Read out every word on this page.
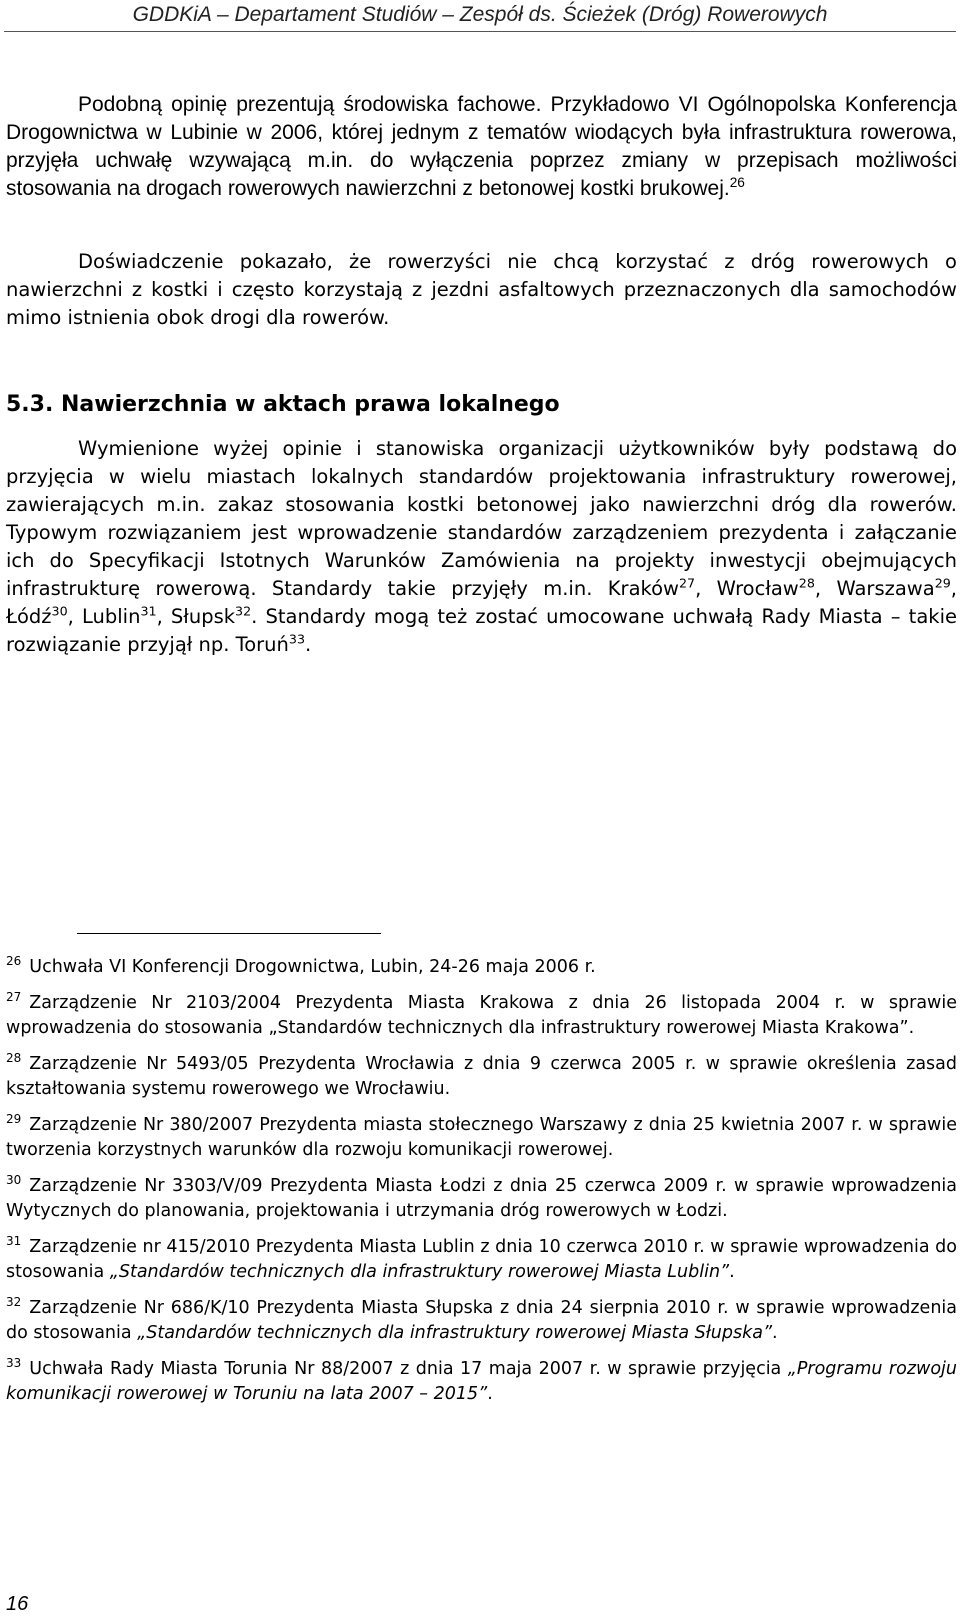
GDDKiA – Departament Studiów – Zespół ds. Ścieżek (Dróg) Rowerowych

Podobną opinię prezentują środowiska fachowe. Przykładowo VI Ogólnopolska Konferencja Drogownictwa w Lubinie w 2006, której jednym z tematów wiodących była infrastruktura rowerowa, przyjęła uchwałę wzywającą m.in. do wyłączenia poprzez zmiany w przepisach możliwości stosowania na drogach rowerowych nawierzchni z betonowej kostki brukowej.$^{26}$

Doświadczenie pokazało, że rowerzyści nie chcą korzystać z dróg rowerowych o nawierzchni z kostki i często korzystają z jezdni asfaltowych przeznaczonych dla samochodów mimo istnienia obok drogi dla rowerów.

5.3. Nawierzchnia w aktach prawa lokalnego

Wymienione wyżej opinie i stanowiska organizacji użytkowników były podstawą do przyjęcia w wielu miastach lokalnych standardów projektowania infrastruktury rowerowej, zawierających m.in. zakaz stosowania kostki betonowej jako nawierzchni dróg dla rowerów. Typowym rozwiązaniem jest wprowadzenie standardów zarządzeniem prezydenta i załączanie ich do Specyfikacji Istotnych Warunków Zamówienia na projekty inwestycji obejmujących infrastrukturę rowerową. Standardy takie przyjęły m.in. Kraków$^{27}$, Wrocław$^{28}$, Warszawa$^{29}$, Łódź$^{30}$, Lublin$^{31}$, Słupsk$^{32}$. Standardy mogą też zostać umocowane uchwałą Rady Miasta – takie rozwiązanie przyjął np. Toruń$^{33}$.

$^{26}$ Uchwała VI Konferencji Drogownictwa, Lubin, 24-26 maja 2006 r.

$^{27}$ Zarządzenie Nr 2103/2004 Prezydenta Miasta Krakowa z dnia 26 listopada 2004 r. w sprawie wprowadzenia do stosowania „Standardów technicznych dla infrastruktury rowerowej Miasta Krakowa”.

$^{28}$ Zarządzenie Nr 5493/05 Prezydenta Wrocławia z dnia 9 czerwca 2005 r. w sprawie określenia zasad kształtowania systemu rowerowego we Wrocławiu.

$^{29}$ Zarządzenie Nr 380/2007 Prezydenta miasta stołecznego Warszawy z dnia 25 kwietnia 2007 r. w sprawie tworzenia korzystnych warunków dla rozwoju komunikacji rowerowej.

$^{30}$ Zarządzenie Nr 3303/V/09 Prezydenta Miasta Łodzi z dnia 25 czerwca 2009 r. w sprawie wprowadzenia Wytycznych do planowania, projektowania i utrzymania dróg rowerowych w Łodzi.

$^{31}$ Zarządzenie nr 415/2010 Prezydenta Miasta Lublin z dnia 10 czerwca 2010 r. w sprawie wprowadzenia do stosowania „Standardów technicznych dla infrastruktury rowerowej Miasta Lublin”.

$^{32}$ Zarządzenie Nr 686/K/10 Prezydenta Miasta Słupska z dnia 24 sierpnia 2010 r. w sprawie wprowadzenia do stosowania „Standardów technicznych dla infrastruktury rowerowej Miasta Słupska”.

$^{33}$ Uchwała Rady Miasta Torunia Nr 88/2007 z dnia 17 maja 2007 r. w sprawie przyjęcia „Programu rozwoju komunikacji rowerowej w Toruniu na lata 2007 – 2015”.

16
